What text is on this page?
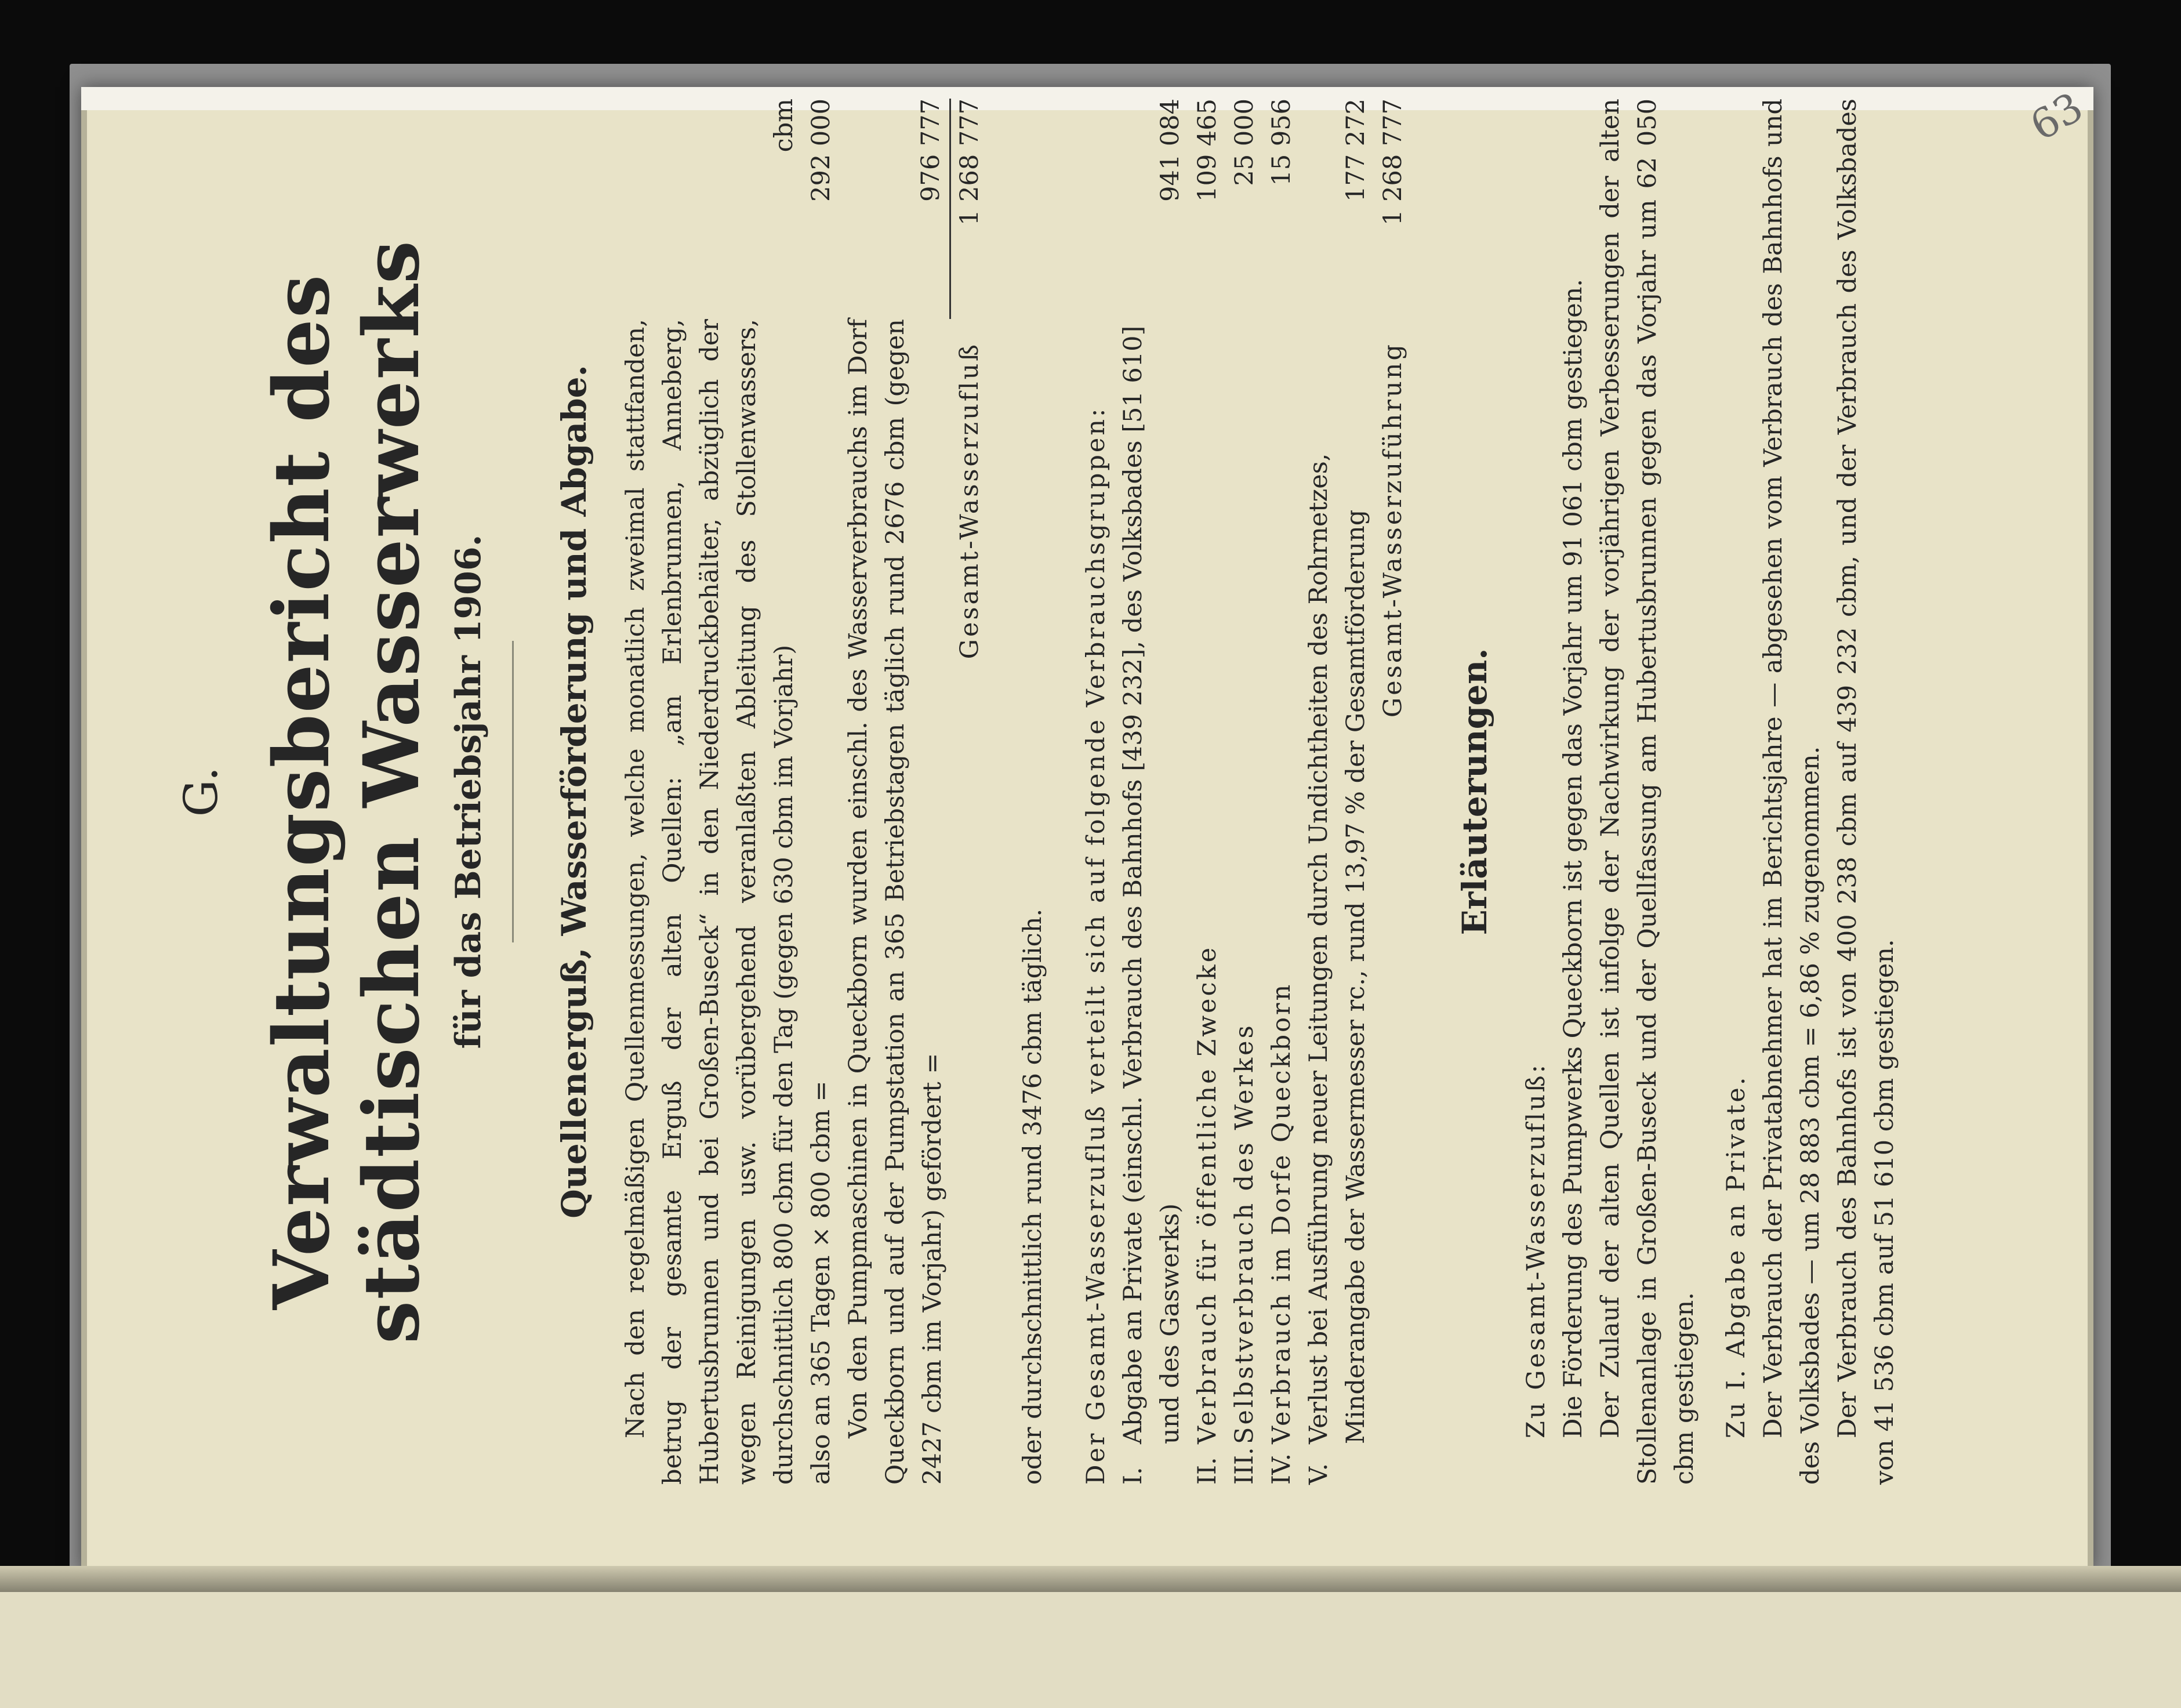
63
G. Verwaltungsbericht des städtischen Wasserwerks für das Betriebsjahr 1906. Quellenerguß, Wasserförderung und Abgabe. Nach den regelmäßigen Quellenmessungen, welche monatlich zweimal stattfanden, betrug der gesamte Erguß der alten Quellen: „am Erlenbrunnen, Anneberg, Hubertusbrunnen und bei Großen-Buseck“ in den Niederdruckbehälter, abzüglich der wegen Reinigungen usw. vorübergehend veranlaßten Ableitung des Stollenwassers, durchschnittlich 800 cbm für den Tag (gegen 630 cbm im Vorjahr)

cbm
also an 365 Tagen × 800 cbm =
292 000

Von den Pumpmaschinen in Queckborn wurden einschl. des Wasserverbrauchs im Dorf Queckborn und auf der Pumpstation an 365 Betriebstagen täglich rund 2676 cbm (gegen 2427 cbm im Vorjahr) gefördert =

976 777
Gesamt-Wasserzufluß
1 268 777

oder durchschnittlich rund 3476 cbm täglich. Der Gesamt-Wasserzufluß verteilt sich auf folgende Verbrauchsgruppen: I.
Abgabe an Private (einschl. Verbrauch des Bahnhofs [439 232], des Volksbades [51 610] und des Gaswerks)
941 084
II.
Verbrauch für öffentliche Zwecke
109 465
III.
Selbstverbrauch des Werkes
25 000
IV.
Verbrauch im Dorfe Queckborn
15 956
V.
Verlust bei Ausführung neuer Leitungen durch Undichtheiten des Rohrnetzes, Minderangabe der Wassermesser rc., rund 13,97 % der Gesamtförderung
177 272
Gesamt-Wasserzuführung
1 268 777
Erläuterungen.

Zu Gesamt-Wasserzufluß: Die Förderung des Pumpwerks Queckborn ist gegen das Vorjahr um 91 061 cbm gestiegen. Der Zulauf der alten Quellen ist infolge der Nachwirkung der vorjährigen Verbesserungen der alten Stollenanlage in Großen-Buseck und der Quellfassung am Hubertusbrunnen gegen das Vorjahr um 62 050 cbm gestiegen. Zu I. Abgabe an Private. Der Verbrauch der Privatabnehmer hat im Berichtsjahre — abgesehen vom Verbrauch des Bahnhofs und des Volksbades — um 28 883 cbm = 6,86 % zugenommen. Der Verbrauch des Bahnhofs ist von 400 238 cbm auf 439 232 cbm, und der Verbrauch des Volksbades von 41 536 cbm auf 51 610 cbm gestiegen.
